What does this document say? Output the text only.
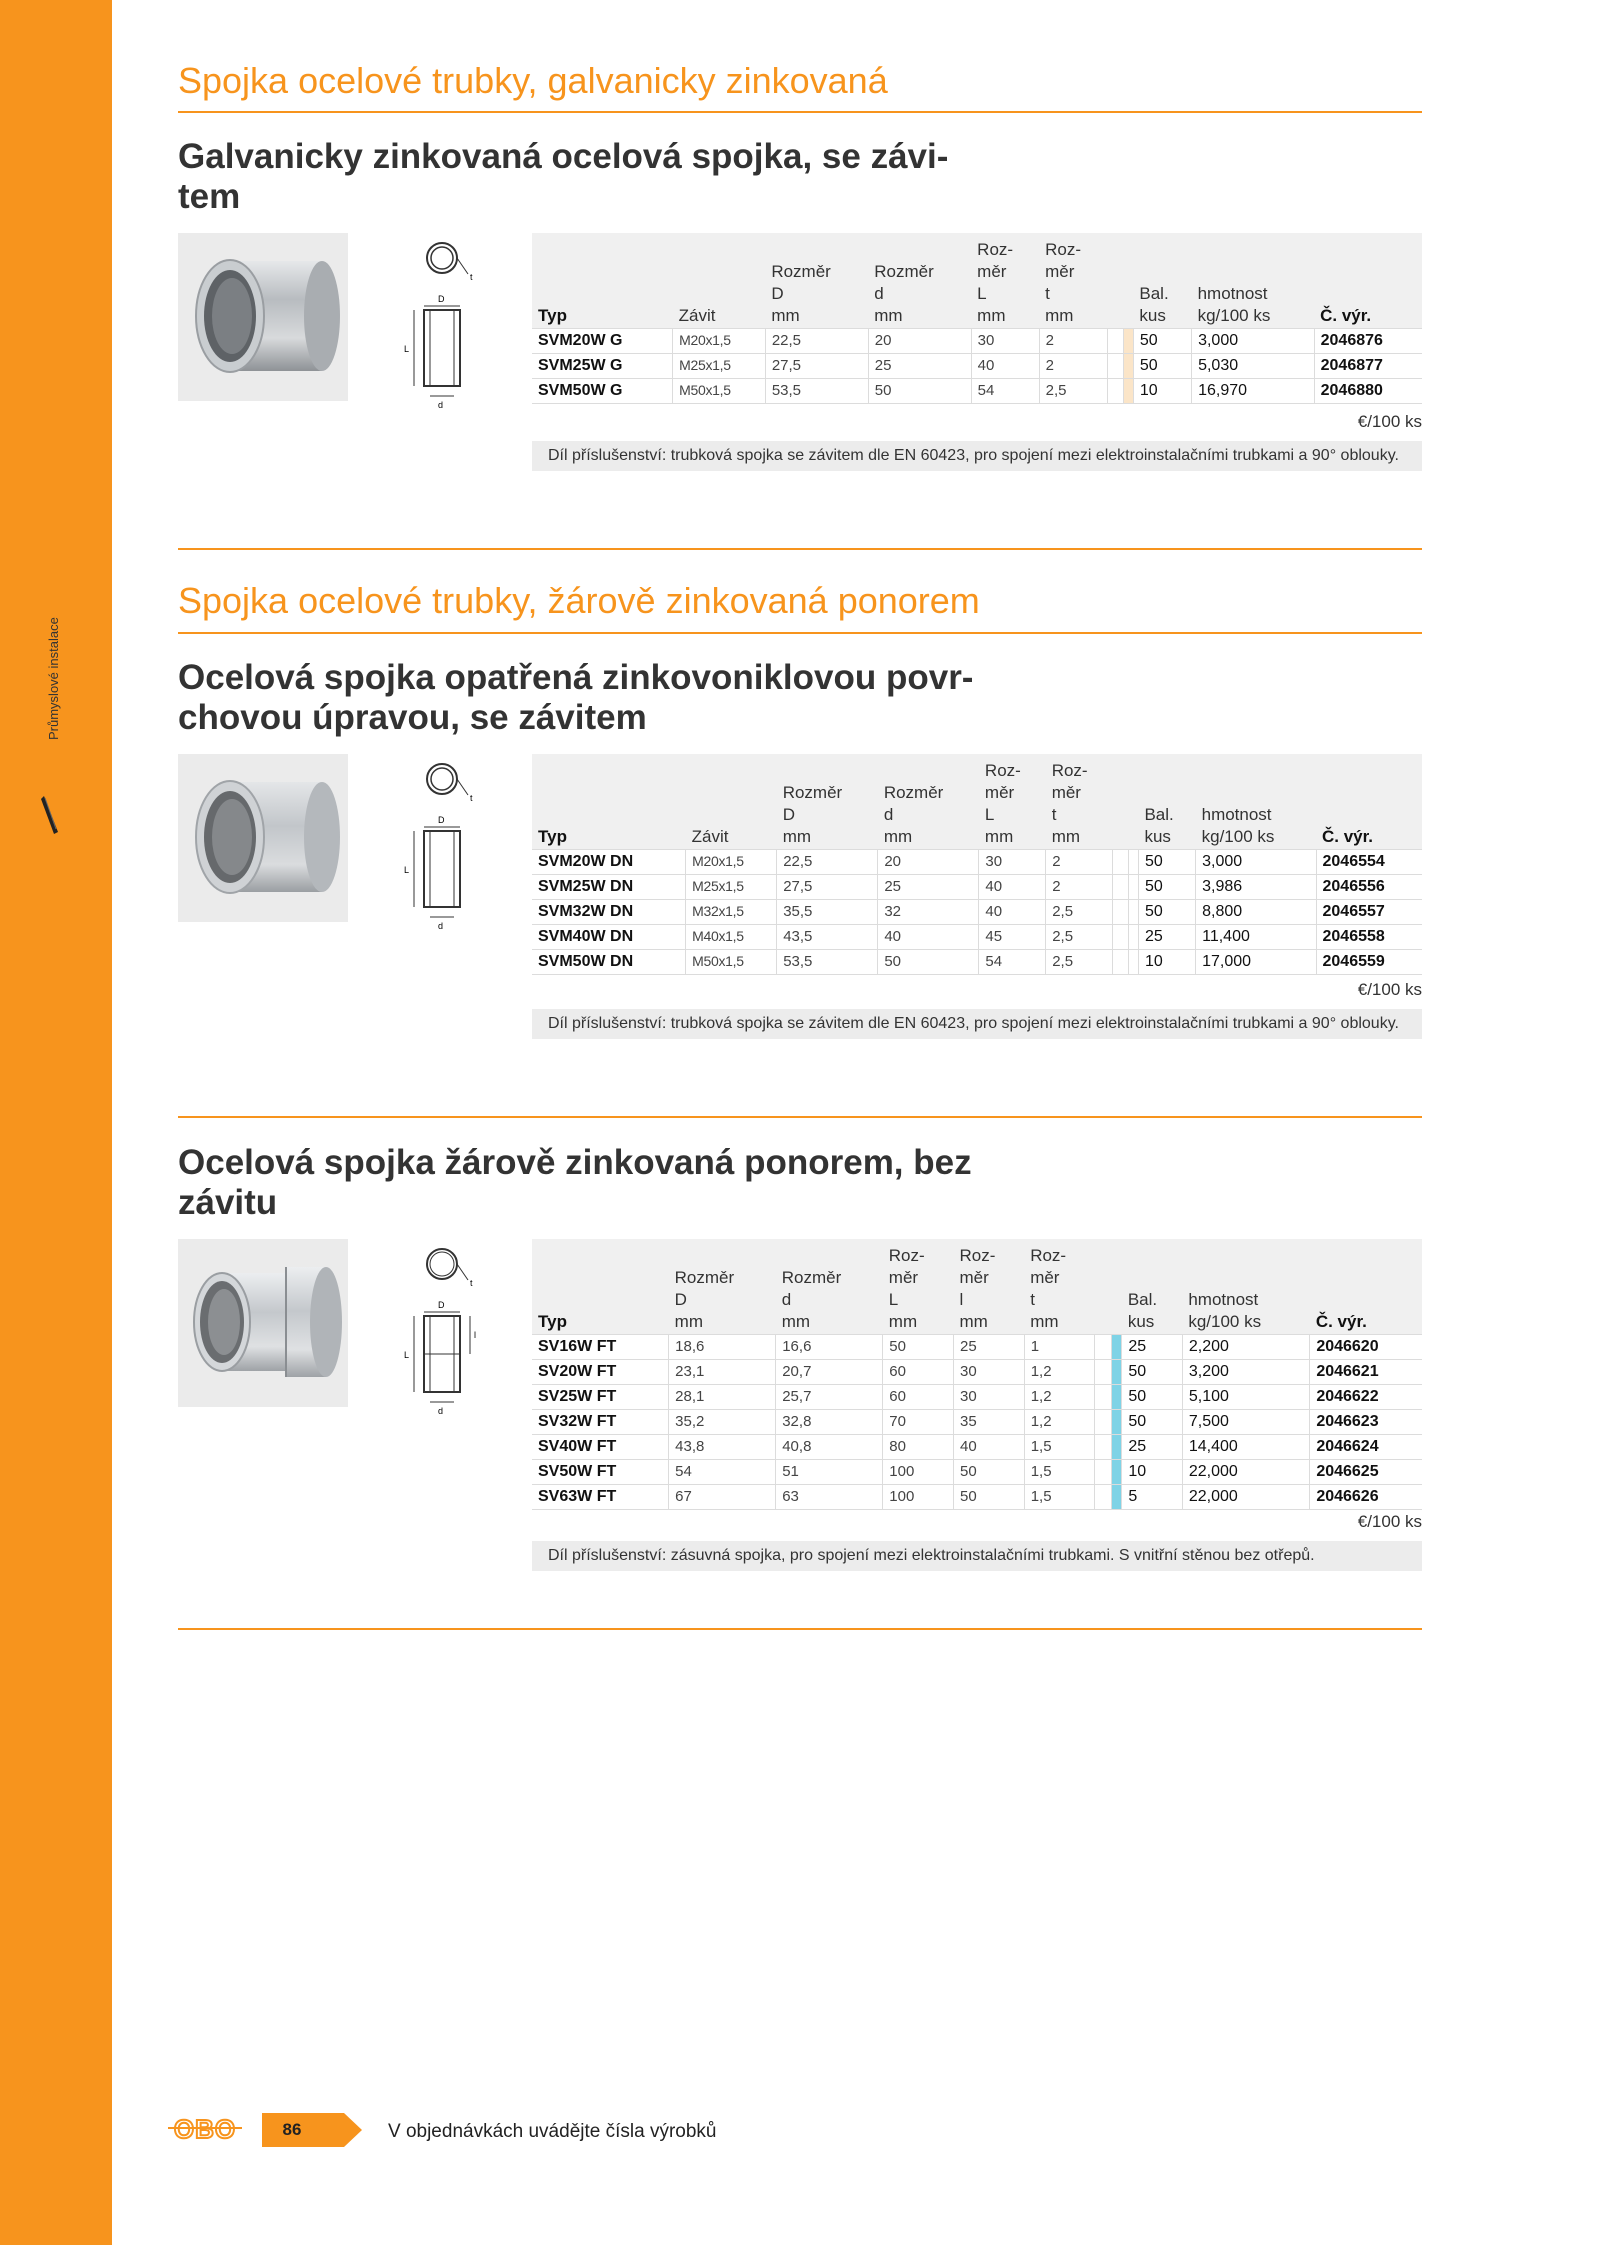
Průmyslové instalace
Spojka ocelové trubky, galvanicky zinkovaná
Galvanicky zinkovaná ocelová spojka, se závi-
tem
t
D
L
d
Typ	Závit	Rozměr
D
mm	Rozměr
d
mm	Roz-
měr
L
mm	Roz-
měr
t
mm			Bal.
kus	hmotnost
kg/100 ks	Č. výr.
SVM20W G	M20x1,5	22,5	20	30	2			50	3,000	2046876
SVM25W G	M25x1,5	27,5	25	40	2			50	5,030	2046877
SVM50W G	M50x1,5	53,5	50	54	2,5			10	16,970	2046880
€/100 ks
Díl příslušenství: trubková spojka se závitem dle EN 60423, pro spojení mezi elektroinstalačními trubkami a 90° oblouky.
Spojka ocelové trubky, žárově zinkovaná ponorem
Ocelová spojka opatřená zinkovoniklovou povr-
chovou úpravou, se závitem
t
D
L
d
Typ	Závit	Rozměr
D
mm	Rozměr
d
mm	Roz-
měr
L
mm	Roz-
měr
t
mm			Bal.
kus	hmotnost
kg/100 ks	Č. výr.
SVM20W DN	M20x1,5	22,5	20	30	2			50	3,000	2046554
SVM25W DN	M25x1,5	27,5	25	40	2			50	3,986	2046556
SVM32W DN	M32x1,5	35,5	32	40	2,5			50	8,800	2046557
SVM40W DN	M40x1,5	43,5	40	45	2,5			25	11,400	2046558
SVM50W DN	M50x1,5	53,5	50	54	2,5			10	17,000	2046559
€/100 ks
Díl příslušenství: trubková spojka se závitem dle EN 60423, pro spojení mezi elektroinstalačními trubkami a 90° oblouky.
Ocelová spojka žárově zinkovaná ponorem, bez
závitu
t
D
L
l
d
Typ	Rozměr
D
mm	Rozměr
d
mm	Roz-
měr
L
mm	Roz-
měr
l
mm	Roz-
měr
t
mm			Bal.
kus	hmotnost
kg/100 ks	Č. výr.
SV16W FT	18,6	16,6	50	25	1			25	2,200	2046620
SV20W FT	23,1	20,7	60	30	1,2			50	3,200	2046621
SV25W FT	28,1	25,7	60	30	1,2			50	5,100	2046622
SV32W FT	35,2	32,8	70	35	1,2			50	7,500	2046623
SV40W FT	43,8	40,8	80	40	1,5			25	14,400	2046624
SV50W FT	54	51	100	50	1,5			10	22,000	2046625
SV63W FT	67	63	100	50	1,5			5	22,000	2046626
€/100 ks
Díl příslušenství: zásuvná spojka, pro spojení mezi elektroinstalačními trubkami. S vnitřní stěnou bez otřepů.
OBO	86	V objednávkách uvádějte čísla výrobků
